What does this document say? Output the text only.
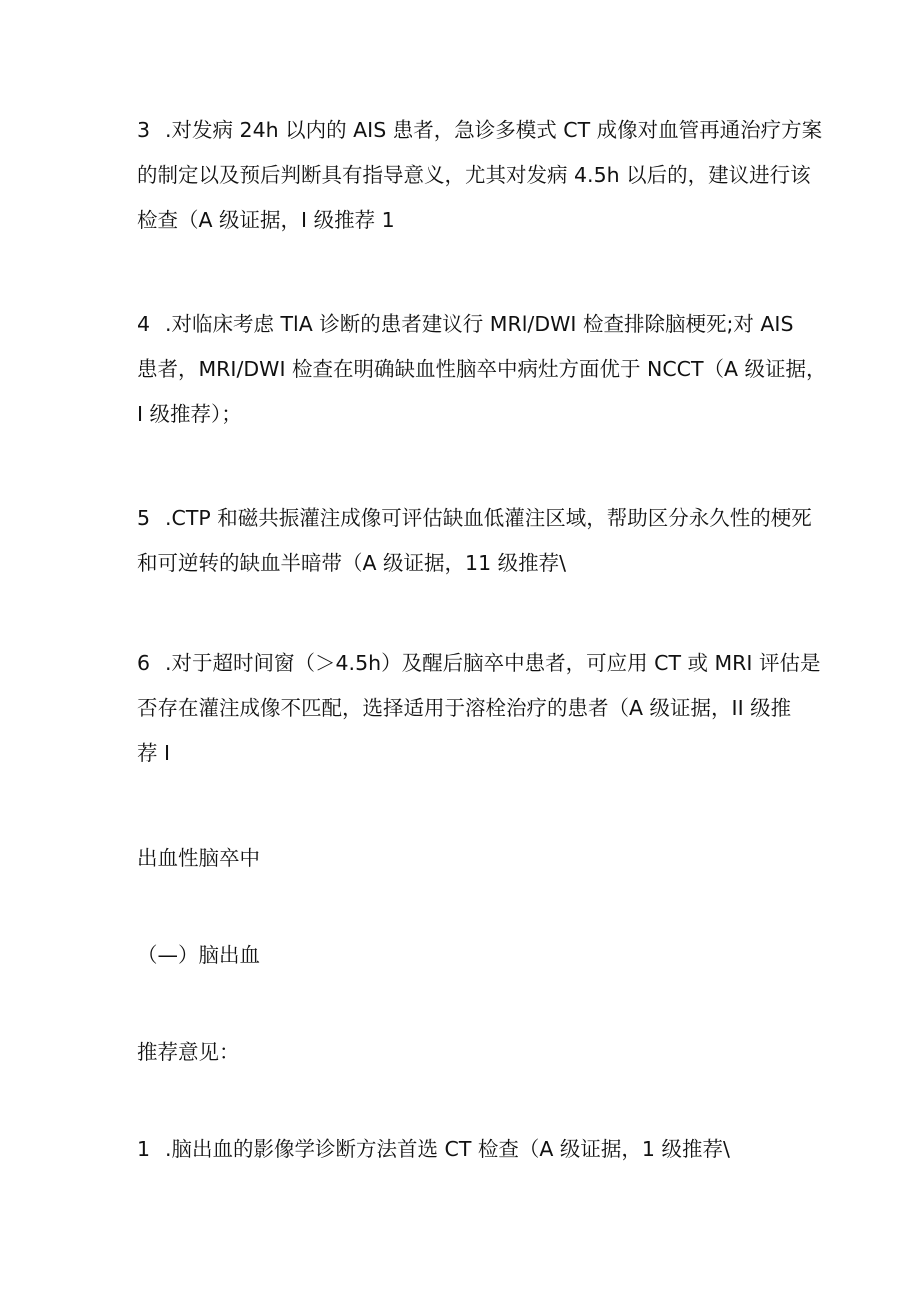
3 .对发病 24h 以内的 AIS 患者，急诊多模式 CT 成像对血管再通治疗方案
的制定以及预后判断具有指导意义，尤其对发病 4.5h 以后的，建议进行该
检查（A 级证据，I 级推荐 1
4 .对临床考虑 TlA 诊断的患者建议行 MRl/DWI 检查排除脑梗死;对 AIS
患者，MRI/DWI 检查在明确缺血性脑卒中病灶方面优于 NCCT（A 级证据，
I 级推荐）；
5 .CTP 和磁共振灌注成像可评估缺血低灌注区域，帮助区分永久性的梗死
和可逆转的缺血半暗带（A 级证据，11 级推荐\
6 .对于超时间窗（＞4.5h）及醒后脑卒中患者，可应用 CT 或 MRI 评估是
否存在灌注成像不匹配，选择适用于溶栓治疗的患者（A 级证据，II 级推
荐 I
出血性脑卒中
（—）脑出血
推荐意见：
1 .脑出血的影像学诊断方法首选 CT 检查（A 级证据，1 级推荐\
